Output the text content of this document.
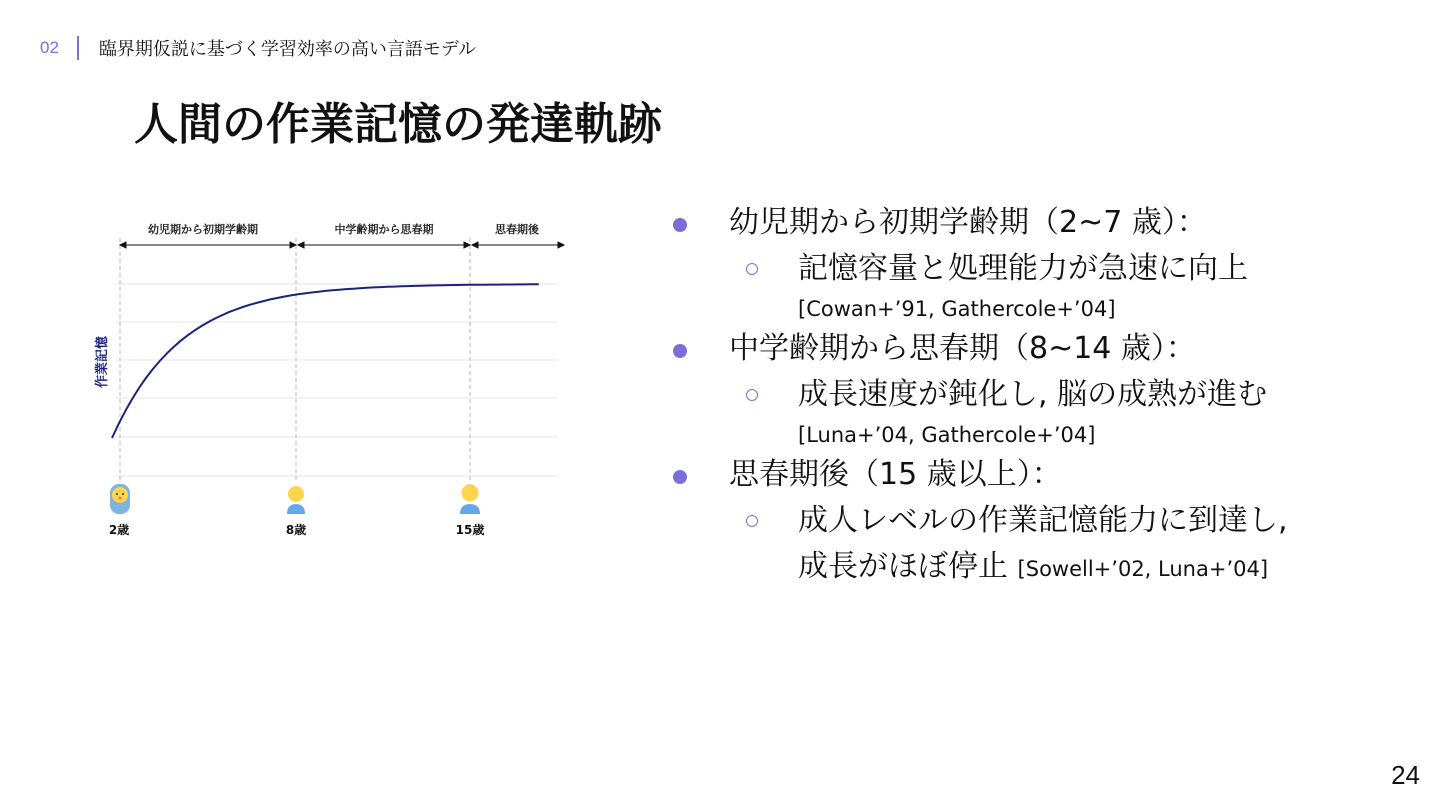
02 臨界期仮説に基づく学習効率の高い言語モデル
人間の作業記憶の発達軌跡
幼児期から初期学齢期	中学齢期から思春期	思春期後
作業記憶
2歳	8歳	15歳
幼児期から初期学齢期（2~7 歳）：
記憶容量と処理能力が急速に向上
[Cowan+’91, Gathercole+’04]
中学齢期から思春期（8~14 歳）：
成長速度が鈍化し, 脳の成熟が進む
[Luna+’04, Gathercole+’04]
思春期後（15 歳以上）：
成人レベルの作業記憶能力に到達し,
成長がほぼ停止 [Sowell+’02, Luna+’04]
24
